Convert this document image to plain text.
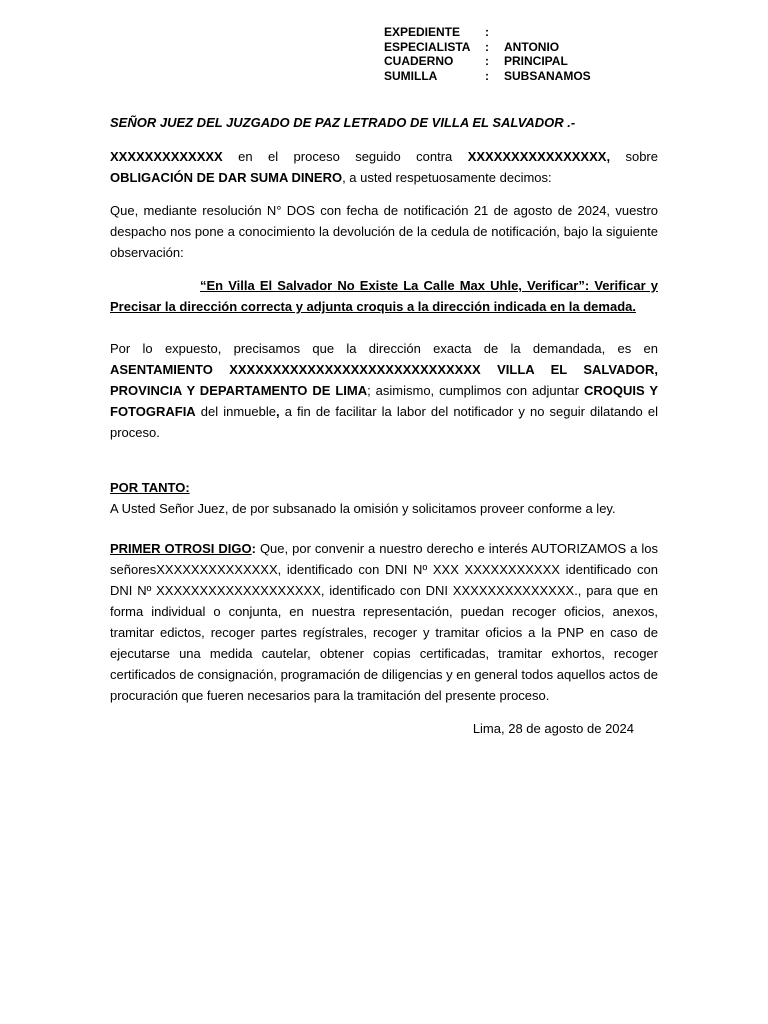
EXPEDIENTE	:
ESPECIALISTA	:	ANTONIO
CUADERNO	:	PRINCIPAL
SUMILLA	:	SUBSANAMOS

SEÑOR JUEZ DEL JUZGADO DE PAZ LETRADO DE VILLA EL SALVADOR .-

XXXXXXXXXXXXX en el proceso seguido contra XXXXXXXXXXXXXXXX, sobre OBLIGACIÓN DE DAR SUMA DINERO, a usted respetuosamente decimos:

Que, mediante resolución N° DOS con fecha de notificación 21 de agosto de 2024, vuestro despacho nos pone a conocimiento la devolución de la cedula de notificación, bajo la siguiente observación:

“En Villa El Salvador No Existe La Calle Max Uhle, Verificar”: Verificar y Precisar la dirección correcta y adjunta croquis a la dirección indicada en la demada.

Por lo expuesto, precisamos que la dirección exacta de la demandada, es en ASENTAMIENTO XXXXXXXXXXXXXXXXXXXXXXXXXXXXX VILLA EL SALVADOR, PROVINCIA Y DEPARTAMENTO DE LIMA; asimismo, cumplimos con adjuntar CROQUIS Y FOTOGRAFIA del inmueble, a fin de facilitar la labor del notificador y no seguir dilatando el proceso.

POR TANTO:

A Usted Señor Juez, de por subsanado la omisión y solicitamos proveer conforme a ley.

PRIMER OTROSI DIGO: Que, por convenir a nuestro derecho e interés AUTORIZAMOS a los señoresXXXXXXXXXXXXXX, identificado con DNI Nº XXX XXXXXXXXXXX identificado con DNI Nº XXXXXXXXXXXXXXXXXXX, identificado con DNI XXXXXXXXXXXXXX., para que en forma individual o conjunta, en nuestra representación, puedan recoger oficios, anexos, tramitar edictos, recoger partes regístrales, recoger y tramitar oficios a la PNP en caso de ejecutarse una medida cautelar, obtener copias certificadas, tramitar exhortos, recoger certificados de consignación, programación de diligencias y en general todos aquellos actos de procuración que fueren necesarios para la tramitación del presente proceso.

Lima, 28 de agosto de 2024
